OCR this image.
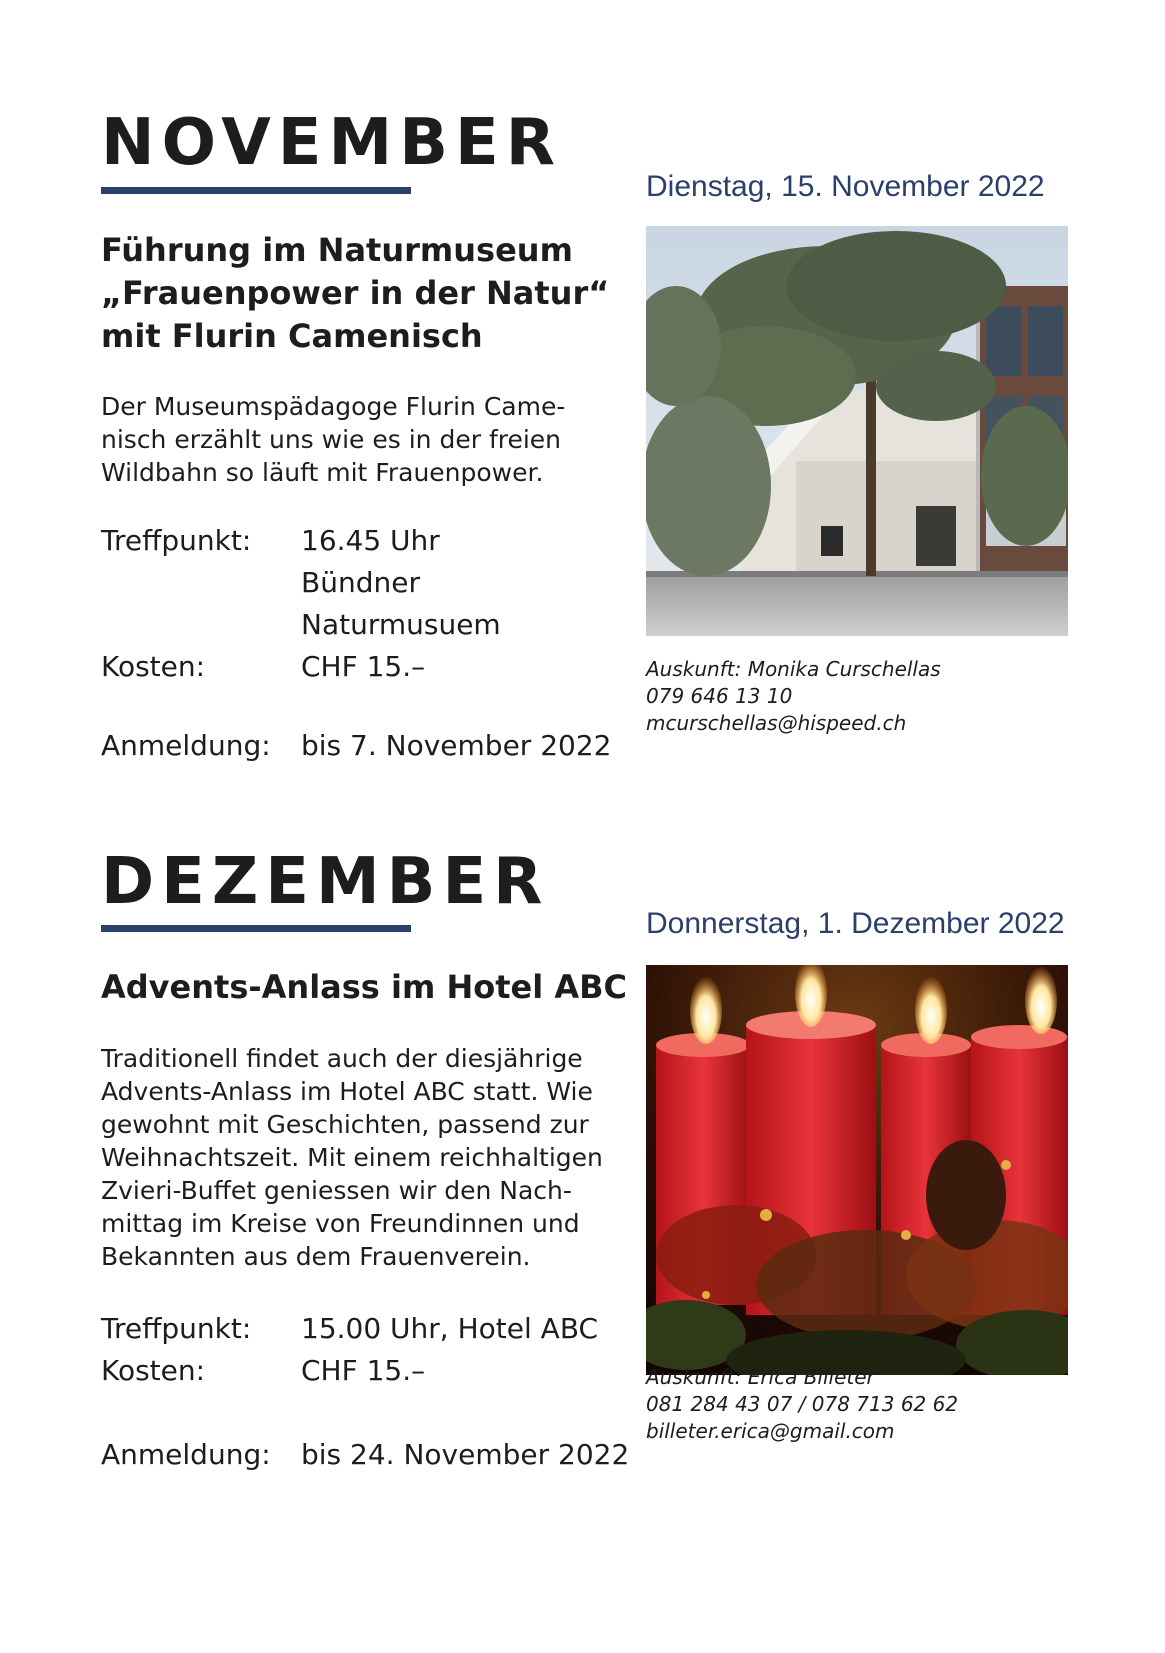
NOVEMBER

Dienstag, 15. November 2022

Führung im Naturmuseum
„Frauenpower in der Natur“
mit Flurin Camenisch

Der Museumspädagoge Flurin Came-
nisch erzählt uns wie es in der freien
Wildbahn so läuft mit Frauenpower.

Treffpunkt: 16.45 Uhr
Bündner
Naturmusuem
Kosten:	CHF 15.–
Anmeldung: bis 7. November 2022

Auskunft: Monika Curschellas
079 646 13 10
mcurschellas@hispeed.ch

DEZEMBER

Donnerstag, 1. Dezember 2022

Advents-Anlass im Hotel ABC

Traditionell findet auch der diesjährige
Advents-Anlass im Hotel ABC statt. Wie
gewohnt mit Geschichten, passend zur
Weihnachtszeit. Mit einem reichhaltigen
Zvieri-Buffet geniessen wir den Nach-
mittag im Kreise von Freundinnen und
Bekannten aus dem Frauenverein.

Treffpunkt: 15.00 Uhr, Hotel ABC
Kosten:	CHF 15.–
Anmeldung: bis 24. November 2022

Auskunft: Erica Billeter
081 284 43 07 / 078 713 62 62
billeter.erica@gmail.com
